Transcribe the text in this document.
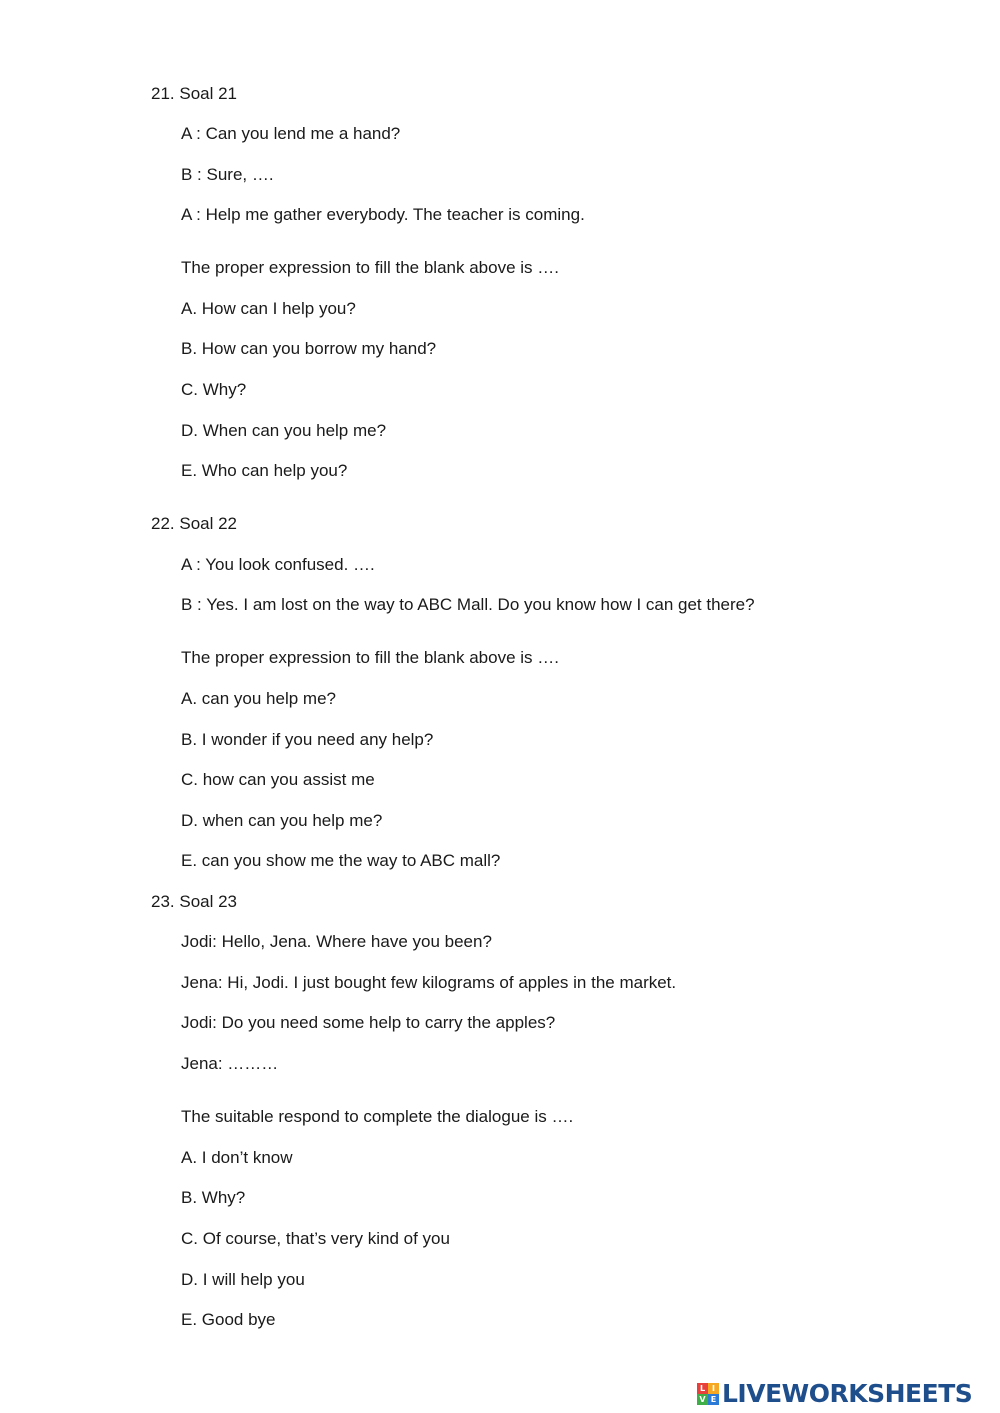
21. Soal 21
A : Can you lend me a hand?
B : Sure, ….
A : Help me gather everybody. The teacher is coming.
The proper expression to fill the blank above is ….
A. How can I help you?
B. How can you borrow my hand?
C. Why?
D. When can you help me?
E. Who can help you?
22. Soal 22
A : You look confused. ….
B : Yes. I am lost on the way to ABC Mall. Do you know how I can get there?
The proper expression to fill the blank above is ….
A. can you help me?
B. I wonder if you need any help?
C. how can you assist me
D. when can you help me?
E. can you show me the way to ABC mall?
23. Soal 23
Jodi: Hello, Jena. Where have you been?
Jena: Hi, Jodi. I just bought few kilograms of apples in the market.
Jodi: Do you need some help to carry the apples?
Jena: ………
The suitable respond to complete the dialogue is ….
A. I don’t know
B. Why?
C. Of course, that’s very kind of you
D. I will help you
E. Good bye
L I
V E LIVEWORKSHEETS
